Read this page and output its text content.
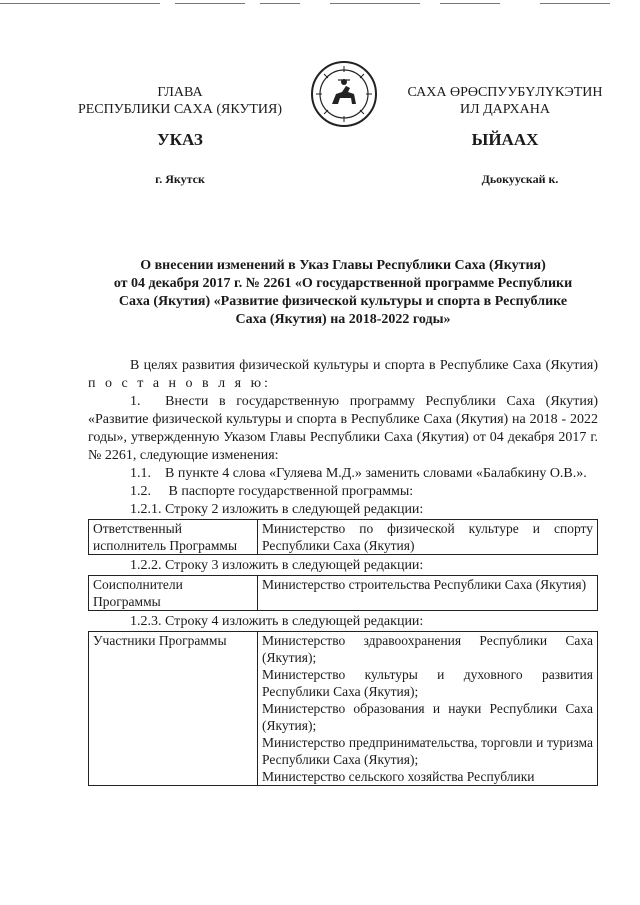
ГЛАВА
РЕСПУБЛИКИ САХА (ЯКУТИЯ)
САХА ӨРӨСПУУБҮЛҮКЭТИН
ИЛ ДАРХАНА
УКАЗ	ЫЙААХ
г. Якутск	Дьокуускай к.
О внесении изменений в Указ Главы Республики Саха (Якутия)
от 04 декабря 2017 г. № 2261 «О государственной программе Республики
Саха (Якутия) «Развитие физической культуры и спорта в Республике
Саха (Якутия) на 2018-2022 годы»
В целях развития физической культуры и спорта в Республике Саха (Якутия) п о с т а н о в л я ю:
1.  Внести в государственную программу Республики Саха (Якутия) «Развитие физической культуры и спорта в Республике Саха (Якутия) на 2018 - 2022 годы», утвержденную Указом Главы Республики Саха (Якутия) от 04 декабря 2017 г. № 2261, следующие изменения:
1.1. В пункте 4 слова «Гуляева М.Д.» заменить словами «Балабкину О.В.».
1.2.  В паспорте государственной программы:
1.2.1. Строку 2 изложить в следующей редакции:
Ответственный исполнитель Программы	Министерство по физической культуре и спорту Республики Саха (Якутия)
1.2.2. Строку 3 изложить в следующей редакции:
Соисполнители Программы	Министерство строительства Республики Саха (Якутия)
1.2.3. Строку 4 изложить в следующей редакции:
Участники Программы	Министерство здравоохранения Республики Саха (Якутия);
Министерство культуры и духовного развития Республики Саха (Якутия);
Министерство образования и науки Республики Саха (Якутия);
Министерство предпринимательства, торговли и туризма Республики Саха (Якутия);
Министерство сельского хозяйства Республики
